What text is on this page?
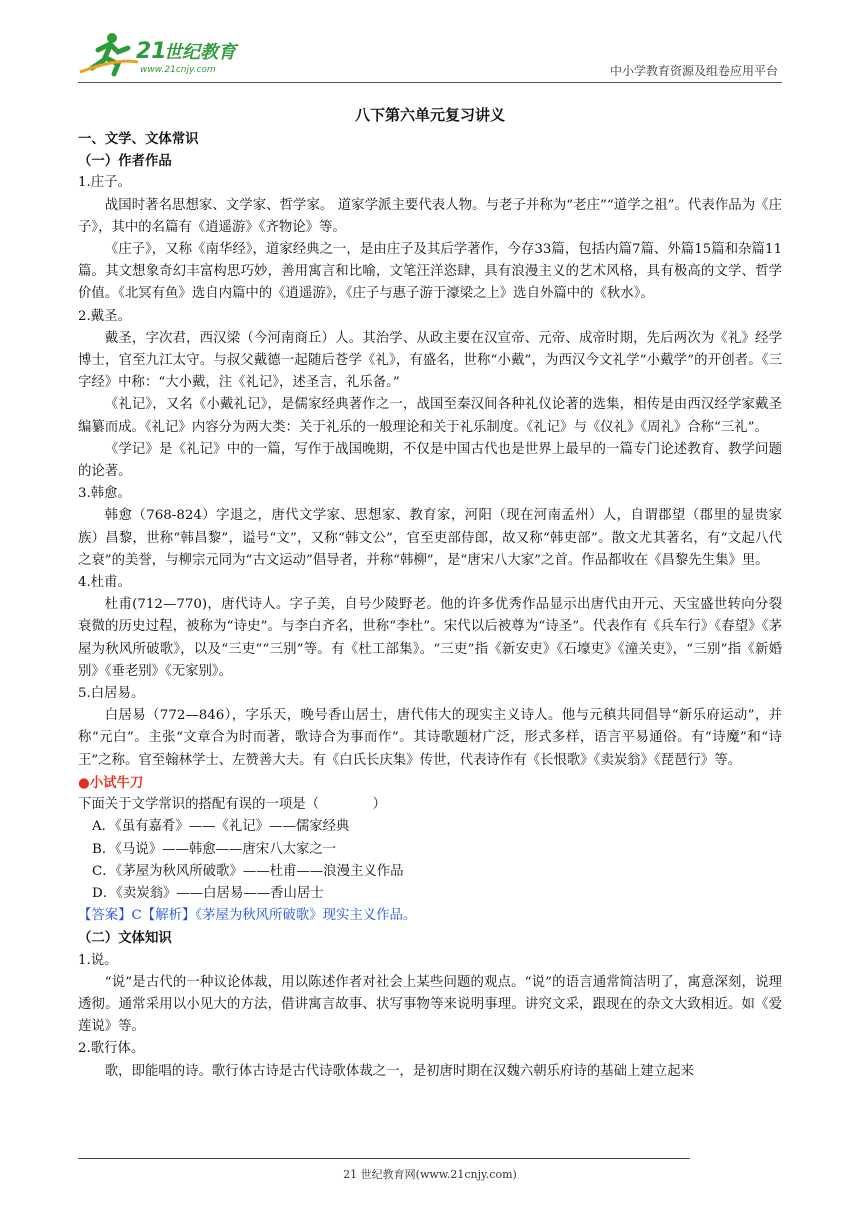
21
世纪教育
www.21cnjy.com	中小学教育资源及组卷应用平台
八下第六单元复习讲义

一、文学、文体常识

（一）作者作品

1.庄子。

战国时著名思想家、文学家、哲学家。 道家学派主要代表人物。与老子并称为“老庄”“道学之祖”。代表作品为《庄子》，其中的名篇有《逍遥游》《齐物论》等。

《庄子》，又称《南华经》，道家经典之一，是由庄子及其后学著作，今存33篇，包括内篇7篇、外篇15篇和杂篇11篇。其文想象奇幻丰富构思巧妙，善用寓言和比喻，文笔汪洋恣肆，具有浪漫主义的艺术风格，具有极高的文学、哲学价值。《北冥有鱼》选自内篇中的《逍遥游》，《庄子与惠子游于濠梁之上》选自外篇中的《秋水》。

2.戴圣。

戴圣，字次君，西汉梁（今河南商丘）人。其治学、从政主要在汉宣帝、元帝、成帝时期，先后两次为《礼》经学博士，官至九江太守。与叔父戴德一起随后苍学《礼》，有盛名，世称“小戴”，为西汉今文礼学“小戴学”的开创者。《三字经》中称：“大小戴，注《礼记》，述圣言，礼乐备。”

《礼记》，又名《小戴礼记》，是儒家经典著作之一，战国至秦汉间各种礼仪论著的选集，相传是由西汉经学家戴圣编纂而成。《礼记》内容分为两大类：关于礼乐的一般理论和关于礼乐制度。《礼记》与《仪礼》《周礼》合称“三礼”。

《学记》是《礼记》中的一篇，写作于战国晚期，不仅是中国古代也是世界上最早的一篇专门论述教育、教学问题的论著。

3.韩愈。

韩愈（768-824）字退之，唐代文学家、思想家、教育家，河阳（现在河南孟州）人，自谓郡望（郡里的显贵家族）昌黎，世称“韩昌黎”，谥号“文”，又称“韩文公”，官至吏部侍郎，故又称“韩吏部”。散文尤其著名，有“文起八代之衰”的美誉，与柳宗元同为“古文运动”倡导者，并称“韩柳”，是“唐宋八大家”之首。作品都收在《昌黎先生集》里。

4.杜甫。

杜甫(712—770)，唐代诗人。字子美，自号少陵野老。他的许多优秀作品显示出唐代由开元、天宝盛世转向分裂衰微的历史过程，被称为“诗史”。与李白齐名，世称“李杜”。宋代以后被尊为“诗圣”。代表作有《兵车行》《春望》《茅屋为秋风所破歌》，以及“三吏”“三别”等。有《杜工部集》。“三吏”指《新安吏》《石壕吏》《潼关吏》，“三别”指《新婚别》《垂老别》《无家别》。

5.白居易。

白居易（772—846），字乐天，晚号香山居士，唐代伟大的现实主义诗人。他与元稹共同倡导“新乐府运动”，并称“元白”。主张“文章合为时而著，歌诗合为事而作”。其诗歌题材广泛，形式多样，语言平易通俗。有“诗魔”和“诗王”之称。官至翰林学士、左赞善大夫。有《白氏长庆集》传世，代表诗作有《长恨歌》《卖炭翁》《琵琶行》等。

●小试牛刀

下面关于文学常识的搭配有误的一项是（　　　　）

A．《虽有嘉肴》——《礼记》——儒家经典

B．《马说》——韩愈——唐宋八大家之一

C．《茅屋为秋风所破歌》——杜甫——浪漫主义作品

D．《卖炭翁》——白居易——香山居士

【答案】C【解析】《茅屋为秋风所破歌》现实主义作品。

（二）文体知识

1.说。

“说”是古代的一种议论体裁，用以陈述作者对社会上某些问题的观点。“说”的语言通常简洁明了，寓意深刻，说理透彻。通常采用以小见大的方法，借讲寓言故事、状写事物等来说明事理。讲究文采，跟现在的杂文大致相近。如《爱莲说》等。

2.歌行体。

歌，即能唱的诗。歌行体古诗是古代诗歌体裁之一，是初唐时期在汉魏六朝乐府诗的基础上建立起来

21 世纪教育网(www.21cnjy.com)
